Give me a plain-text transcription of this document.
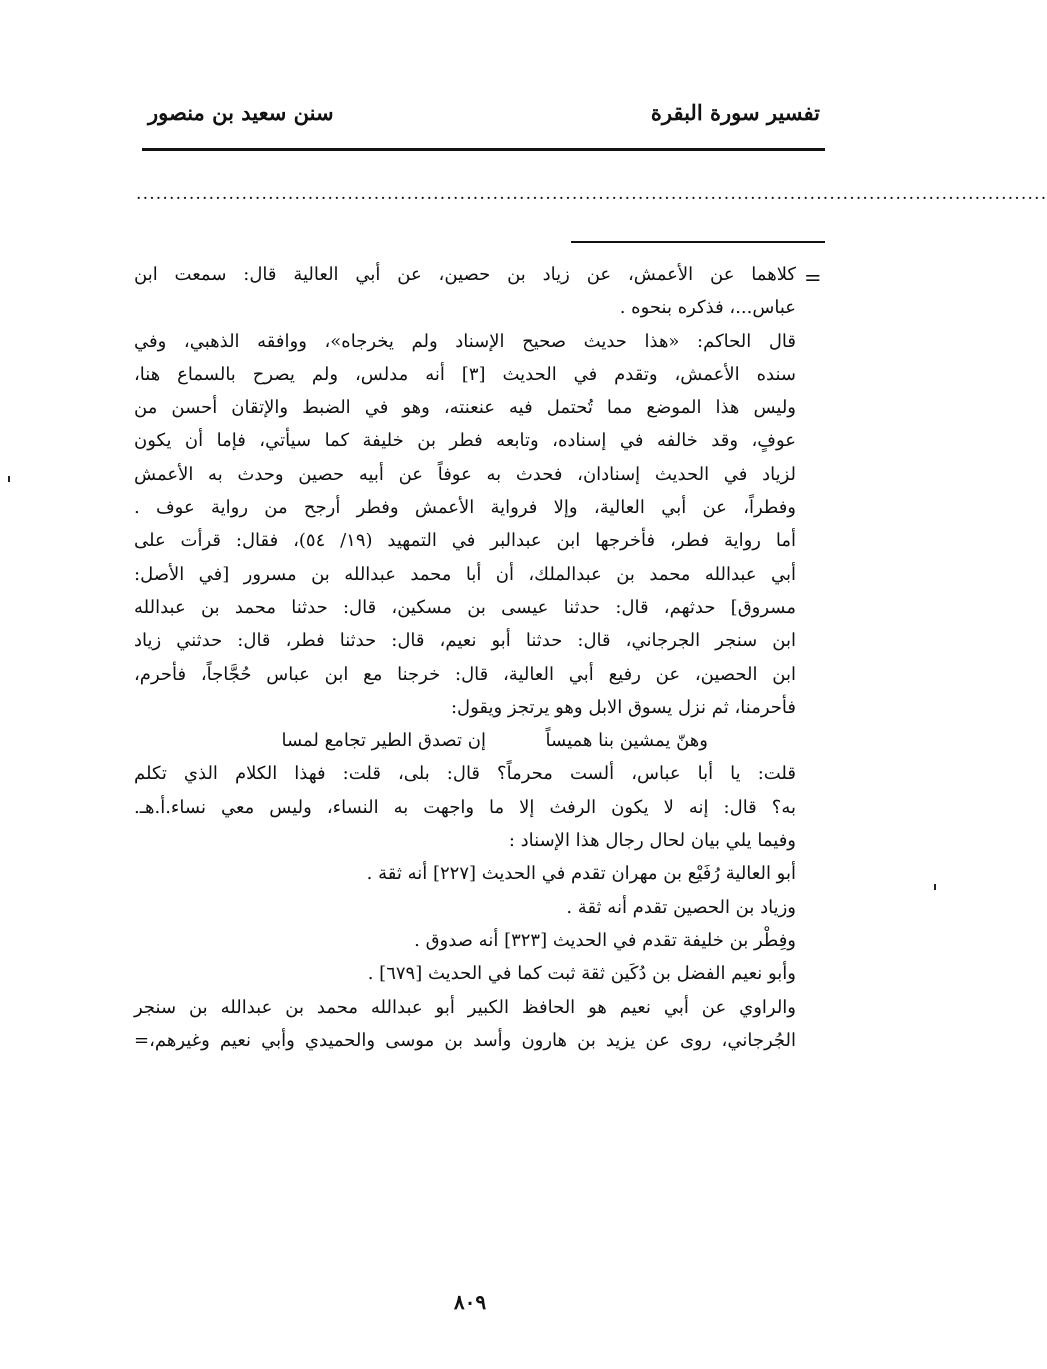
تفسير سورة البقرة
سنن سعيد بن منصور
..........................................................................................................................................
=
كلاهما عن الأعمش، عن زياد بن حصين، عن أبي العالية قال: سمعت ابن
عباس...، فذكره بنحوه .
قال الحاكم: «هذا حديث صحيح الإسناد ولم يخرجاه»، ووافقه الذهبي، وفي
سنده الأعمش، وتقدم في الحديث [٣] أنه مدلس، ولم يصرح بالسماع هنا،
وليس هذا الموضع مما تُحتمل فيه عنعنته، وهو في الضبط والإتقان أحسن من
عوفٍ، وقد خالفه في إسناده، وتابعه فطر بن خليفة كما سيأتي، فإما أن يكون
لزياد في الحديث إسنادان، فحدث به عوفاً عن أبيه حصين وحدث به الأعمش
وفطراً، عن أبي العالية، وإلا فرواية الأعمش وفطر أرجح من رواية عوف .
أما رواية فطر، فأخرجها ابن عبدالبر في التمهيد (١٩/ ٥٤)، فقال: قرأت على
أبي عبدالله محمد بن عبدالملك، أن أبا محمد عبدالله بن مسرور [في الأصل:
مسروق] حدثهم، قال: حدثنا عيسى بن مسكين، قال: حدثنا محمد بن عبدالله
ابن سنجر الجرجاني، قال: حدثنا أبو نعيم، قال: حدثنا فطر، قال: حدثني زياد
ابن الحصين، عن رفيع أبي العالية، قال: خرجنا مع ابن عباس حُجَّاجاً، فأحرم،
فأحرمنا، ثم نزل يسوق الابل وهو يرتجز ويقول:
وهنّ يمشين بنا هميساً
إن تصدق الطير تجامع لمسا
قلت: يا أبا عباس، ألست محرماً؟ قال: بلى، قلت: فهذا الكلام الذي تكلم
به؟ قال: إنه لا يكون الرفث إلا ما واجهت به النساء، وليس معي نساء.أ.هـ.
وفيما يلي بيان لحال رجال هذا الإسناد :
أبو العالية رُفَيْع بن مهران تقدم في الحديث [٢٢٧] أنه ثقة .
وزياد بن الحصين تقدم أنه ثقة .
وفِطْر بن خليفة تقدم في الحديث [٣٢٣] أنه صدوق .
وأبو نعيم الفضل بن دُكَين ثقة ثبت كما في الحديث [٦٧٩] .
والراوي عن أبي نعيم هو الحافظ الكبير أبو عبدالله محمد بن عبدالله بن سنجر
الجُرجاني، روى عن يزيد بن هارون وأسد بن موسى والحميدي وأبي نعيم وغيرهم،=
٨٠٩
